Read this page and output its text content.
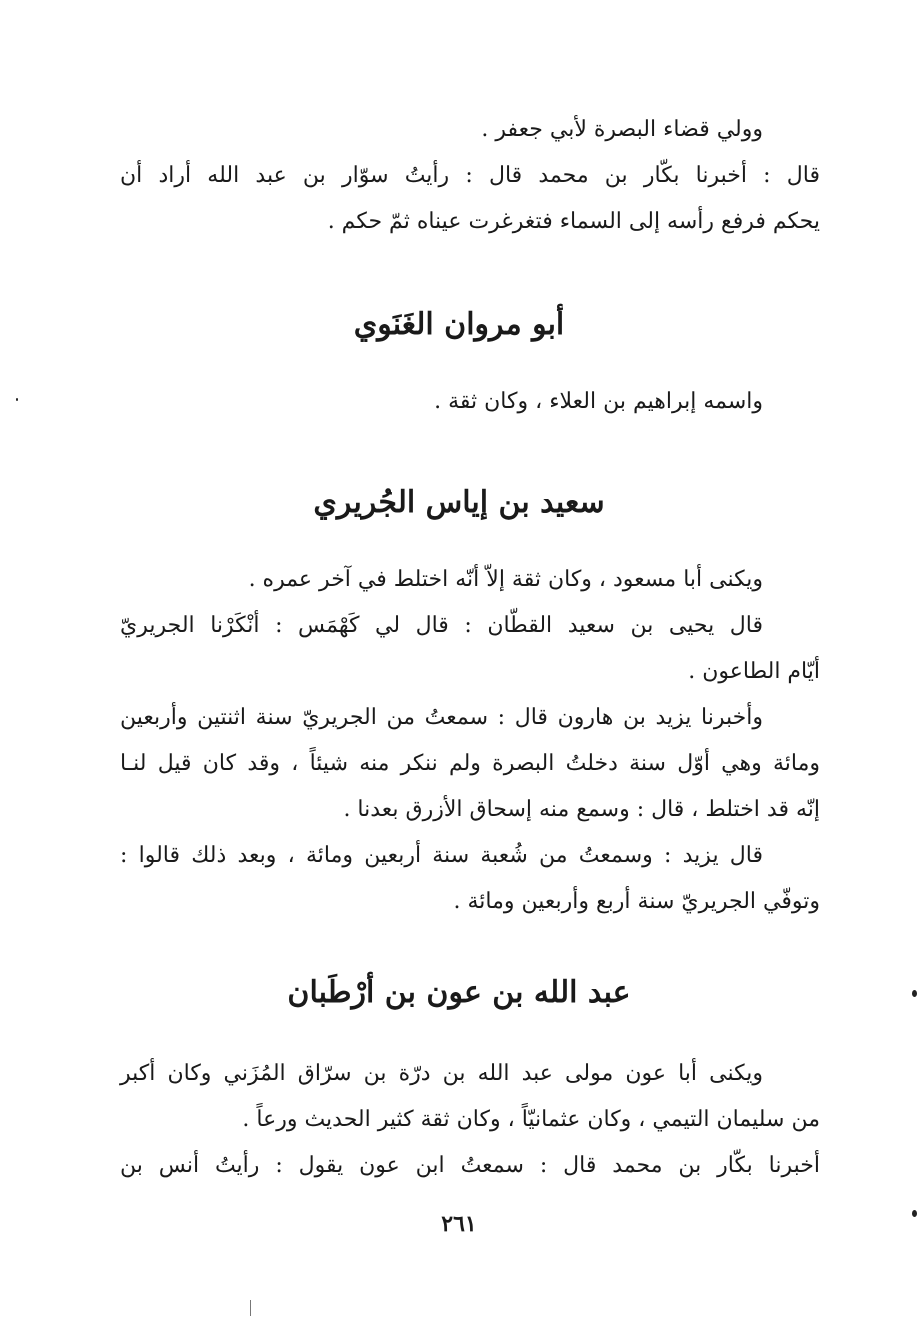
وولي قضاء البصرة لأبي جعفر .
قال : أخبرنا بكّار بن محمد قال : رأيتُ سوّار بن عبد الله أراد أن
يحكم فرفع رأسه إلى السماء فتغرغرت عيناه ثمّ حكم .
أبو مروان الغَنَوي
واسمه إبراهيم بن العلاء ، وكان ثقة .
سعيد بن إياس الجُريري
ويكنى أبا مسعود ، وكان ثقة إلاّ أنّه اختلط في آخر عمره .
قال يحيى بن سعيد القطّان : قال لي كَهْمَس : أنْكَرْنا الجريريّ
أيّام الطاعون .
وأخبرنا يزيد بن هارون قال : سمعتُ من الجريريّ سنة اثنتين وأربعين
ومائة وهي أوّل سنة دخلتُ البصرة ولم ننكر منه شيئاً ، وقد كان قيل لنـا
إنّه قد اختلط ، قال : وسمع منه إسحاق الأزرق بعدنا .
قال يزيد : وسمعتُ من شُعبة سنة أربعين ومائة ، وبعد ذلك قالوا :
وتوفّي الجريريّ سنة أربع وأربعين ومائة .
عبد الله بن عون بن أرْطَبان
ويكنى أبا عون مولى عبد الله بن درّة بن سرّاق المُزَني وكان أكبر
من سليمان التيمي ، وكان عثمانيّاً ، وكان ثقة كثير الحديث ورعاً .
أخبرنا بكّار بن محمد قال : سمعتُ ابن عون يقول : رأيتُ أنس بن
٢٦١
